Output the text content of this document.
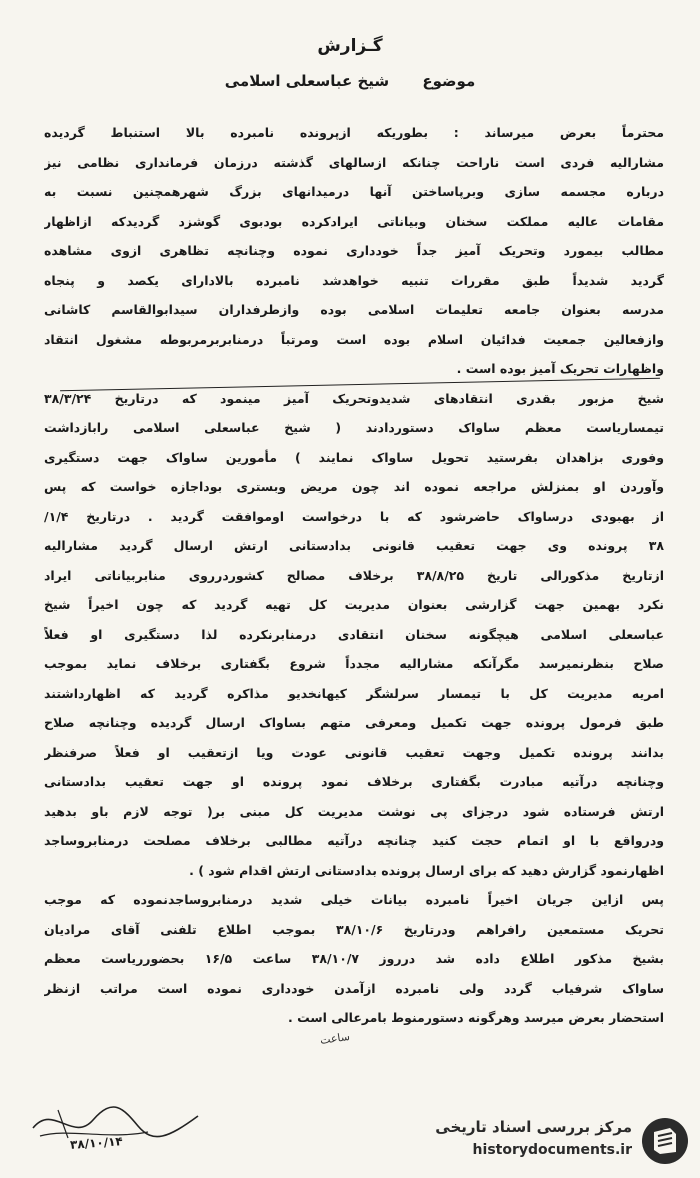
گـزارش
موضوع شیخ عباسعلی اسلامی
محترماً بعرض میرساند : بطوریکه ازپرونده نامبرده بالا استنباط گردیده
مشارالیه فردی است ناراحت چنانکه ازسالهای گذشته درزمان فرمانداری نظامی نیز
درباره مجسمه سازی وبرپاساختن آنها درمیدانهای بزرگ شهرهمچنین نسبت به
مقامات عالیه مملکت سخنان وبیاناتی ایرادکرده بودبوی گوشزد گردیدکه ازاظهار
مطالب بیمورد وتحریک آمیز جداً خودداری نموده وچنانچه تظاهری ازوی مشاهده
گردید شدیداً طبق مقررات تنبیه خواهدشد نامبرده بالادارای یکصد و پنجاه
مدرسه بعنوان جامعه تعلیمات اسلامی بوده وازطرفداران سیدابوالقاسم کاشانی
وازفعالین جمعیت فدائیان اسلام بوده است ومرتباً درمنابربرمربوطه مشغول انتقاد
واظهارات تحریک آمیز بوده است .
شیخ مزبور بقدری انتقادهای شدیدوتحریک آمیز مینمود که درتاریخ ۳۸/۳/۲۴
تیمساریاست معظم ساواک دستوردادند ( شیخ عباسعلی اسلامی رابازداشت
وفوری بزاهدان بفرستید تحویل ساواک نمایند ) مأمورین ساواک جهت دستگیری
وآوردن او بمنزلش مراجعه نموده اند چون مریض وبستری بوداجازه خواست که پس
از بهبودی درساواک حاضرشود که با درخواست اوموافقت گردید . درتاریخ ۱/۴/
۳۸ پرونده وی جهت تعقیب قانونی بدادستانی ارتش ارسال گردید مشارالیه
ازتاریخ مذکورالی تاریخ ۳۸/۸/۲۵ برخلاف مصالح کشوردرروی منابربیاناتی ایراد
نکرد بهمین جهت گزارشی بعنوان مدیریت کل تهیه گردید که چون اخیراً شیخ
عباسعلی اسلامی هیچگونه سخنان انتقادی درمنابرنکرده لذا دستگیری او فعلاً
صلاح بنظرنمیرسد مگرآنکه مشارالیه مجدداً شروع بگفتاری برخلاف نماید بموجب
امریه مدیریت کل با تیمسار سرلشگر کیهانخدیو مذاکره گردید که اظهارداشتند
طبق فرمول پرونده جهت تکمیل ومعرفی متهم بساواک ارسال گردیده وچنانچه صلاح
بدانند پرونده تکمیل وجهت تعقیب قانونی عودت ویا ازتعقیب او فعلاً صرفنظر
وچنانچه درآتیه مبادرت بگفتاری برخلاف نمود پرونده او جهت تعقیب بدادستانی
ارتش فرستاده شود درجزای پی نوشت مدیریت کل مبنی بر( توجه لازم باو بدهید
ودرواقع با او اتمام حجت کنید چنانچه درآتیه مطالبی برخلاف مصلحت درمنابروساجد
اظهارنمود گزارش دهید که برای ارسال پرونده بدادستانی ارتش اقدام شود ) .
پس ازاین جریان اخیراً نامبرده بیانات خیلی شدید درمنابروساجدنموده که موجب
تحریک مستمعین رافراهم ودرتاریخ ۳۸/۱۰/۶ بموجب اطلاع تلفنی آقای مرادیان
بشیخ مذکور اطلاع داده شد درروز ۳۸/۱۰/۷ ساعت ۱۶/۵ بحضورریاست معظم
ساواک شرفیاب گردد ولی نامبرده ازآمدن خودداری نموده است مراتب ازنظر
استحضار بعرض میرسد وهرگونه دستورمنوط بامرعالی است .
ساعت
۳۸/۱۰/۱۴
مرکز بررسی اسناد تاریخی
historydocuments.ir
